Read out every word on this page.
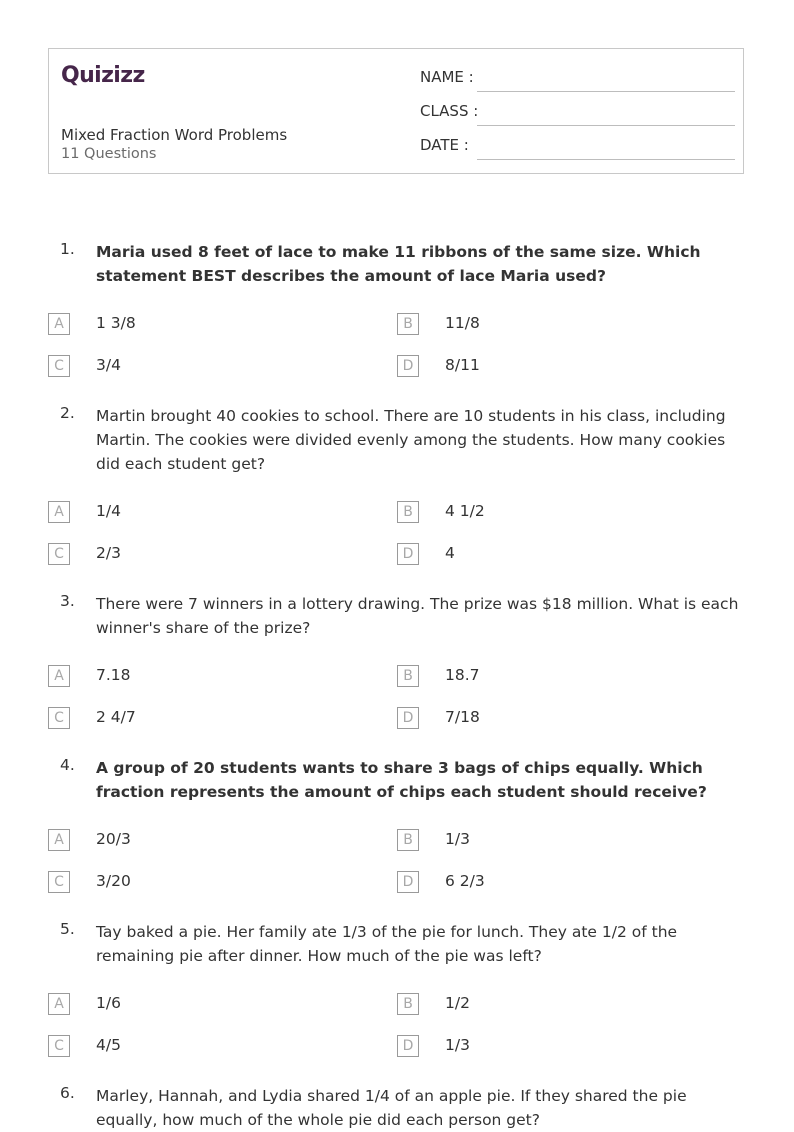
Quizizz
Mixed Fraction Word Problems
11 Questions
NAME :
CLASS :
DATE :
1. Maria used 8 feet of lace to make 11 ribbons of the same size. Which statement BEST describes the amount of lace Maria used?
A	1 3/8	B	11/8
C	3/4	D	8/11
2. Martin brought 40 cookies to school. There are 10 students in his class, including Martin. The cookies were divided evenly among the students. How many cookies did each student get?
A	1/4	B	4 1/2
C	2/3	D	4
3. There were 7 winners in a lottery drawing. The prize was $18 million. What is each winner's share of the prize?
A	7.18	B	18.7
C	2 4/7	D	7/18
4. A group of 20 students wants to share 3 bags of chips equally. Which fraction represents the amount of chips each student should receive?
A	20/3	B	1/3
C	3/20	D	6 2/3
5. Tay baked a pie. Her family ate 1/3 of the pie for lunch. They ate 1/2 of the remaining pie after dinner. How much of the pie was left?
A	1/6	B	1/2
C	4/5	D	1/3
6. Marley, Hannah, and Lydia shared 1/4 of an apple pie. If they shared the pie equally, how much of the whole pie did each person get?
